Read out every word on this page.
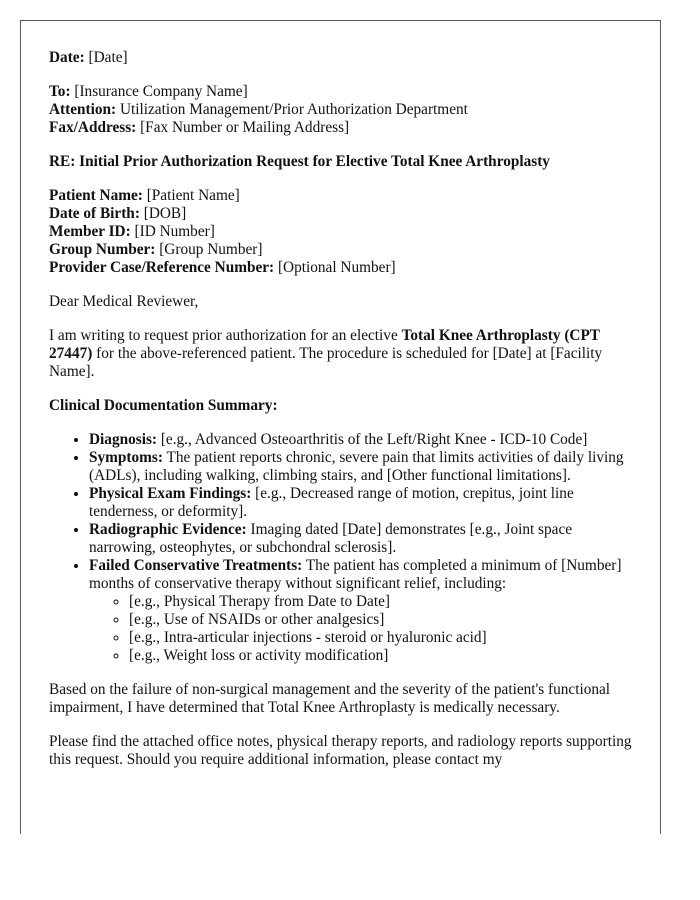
Date: [Date]

To: [Insurance Company Name]
Attention: Utilization Management/Prior Authorization Department
Fax/Address: [Fax Number or Mailing Address]

RE: Initial Prior Authorization Request for Elective Total Knee Arthroplasty

Patient Name: [Patient Name]
Date of Birth: [DOB]
Member ID: [ID Number]
Group Number: [Group Number]
Provider Case/Reference Number: [Optional Number]

Dear Medical Reviewer,

I am writing to request prior authorization for an elective Total Knee Arthroplasty (CPT 27447) for the above-referenced patient. The procedure is scheduled for [Date] at [Facility Name].

Clinical Documentation Summary:

• Diagnosis: [e.g., Advanced Osteoarthritis of the Left/Right Knee - ICD-10 Code]
• Symptoms: The patient reports chronic, severe pain that limits activities of daily living (ADLs), including walking, climbing stairs, and [Other functional limitations].
• Physical Exam Findings: [e.g., Decreased range of motion, crepitus, joint line tenderness, or deformity].
• Radiographic Evidence: Imaging dated [Date] demonstrates [e.g., Joint space narrowing, osteophytes, or subchondral sclerosis].
• Failed Conservative Treatments: The patient has completed a minimum of [Number] months of conservative therapy without significant relief, including:
◦ [e.g., Physical Therapy from Date to Date]
◦ [e.g., Use of NSAIDs or other analgesics]
◦ [e.g., Intra-articular injections - steroid or hyaluronic acid]
◦ [e.g., Weight loss or activity modification]

Based on the failure of non-surgical management and the severity of the patient's functional impairment, I have determined that Total Knee Arthroplasty is medically necessary.

Please find the attached office notes, physical therapy reports, and radiology reports supporting this request. Should you require additional information, please contact my
